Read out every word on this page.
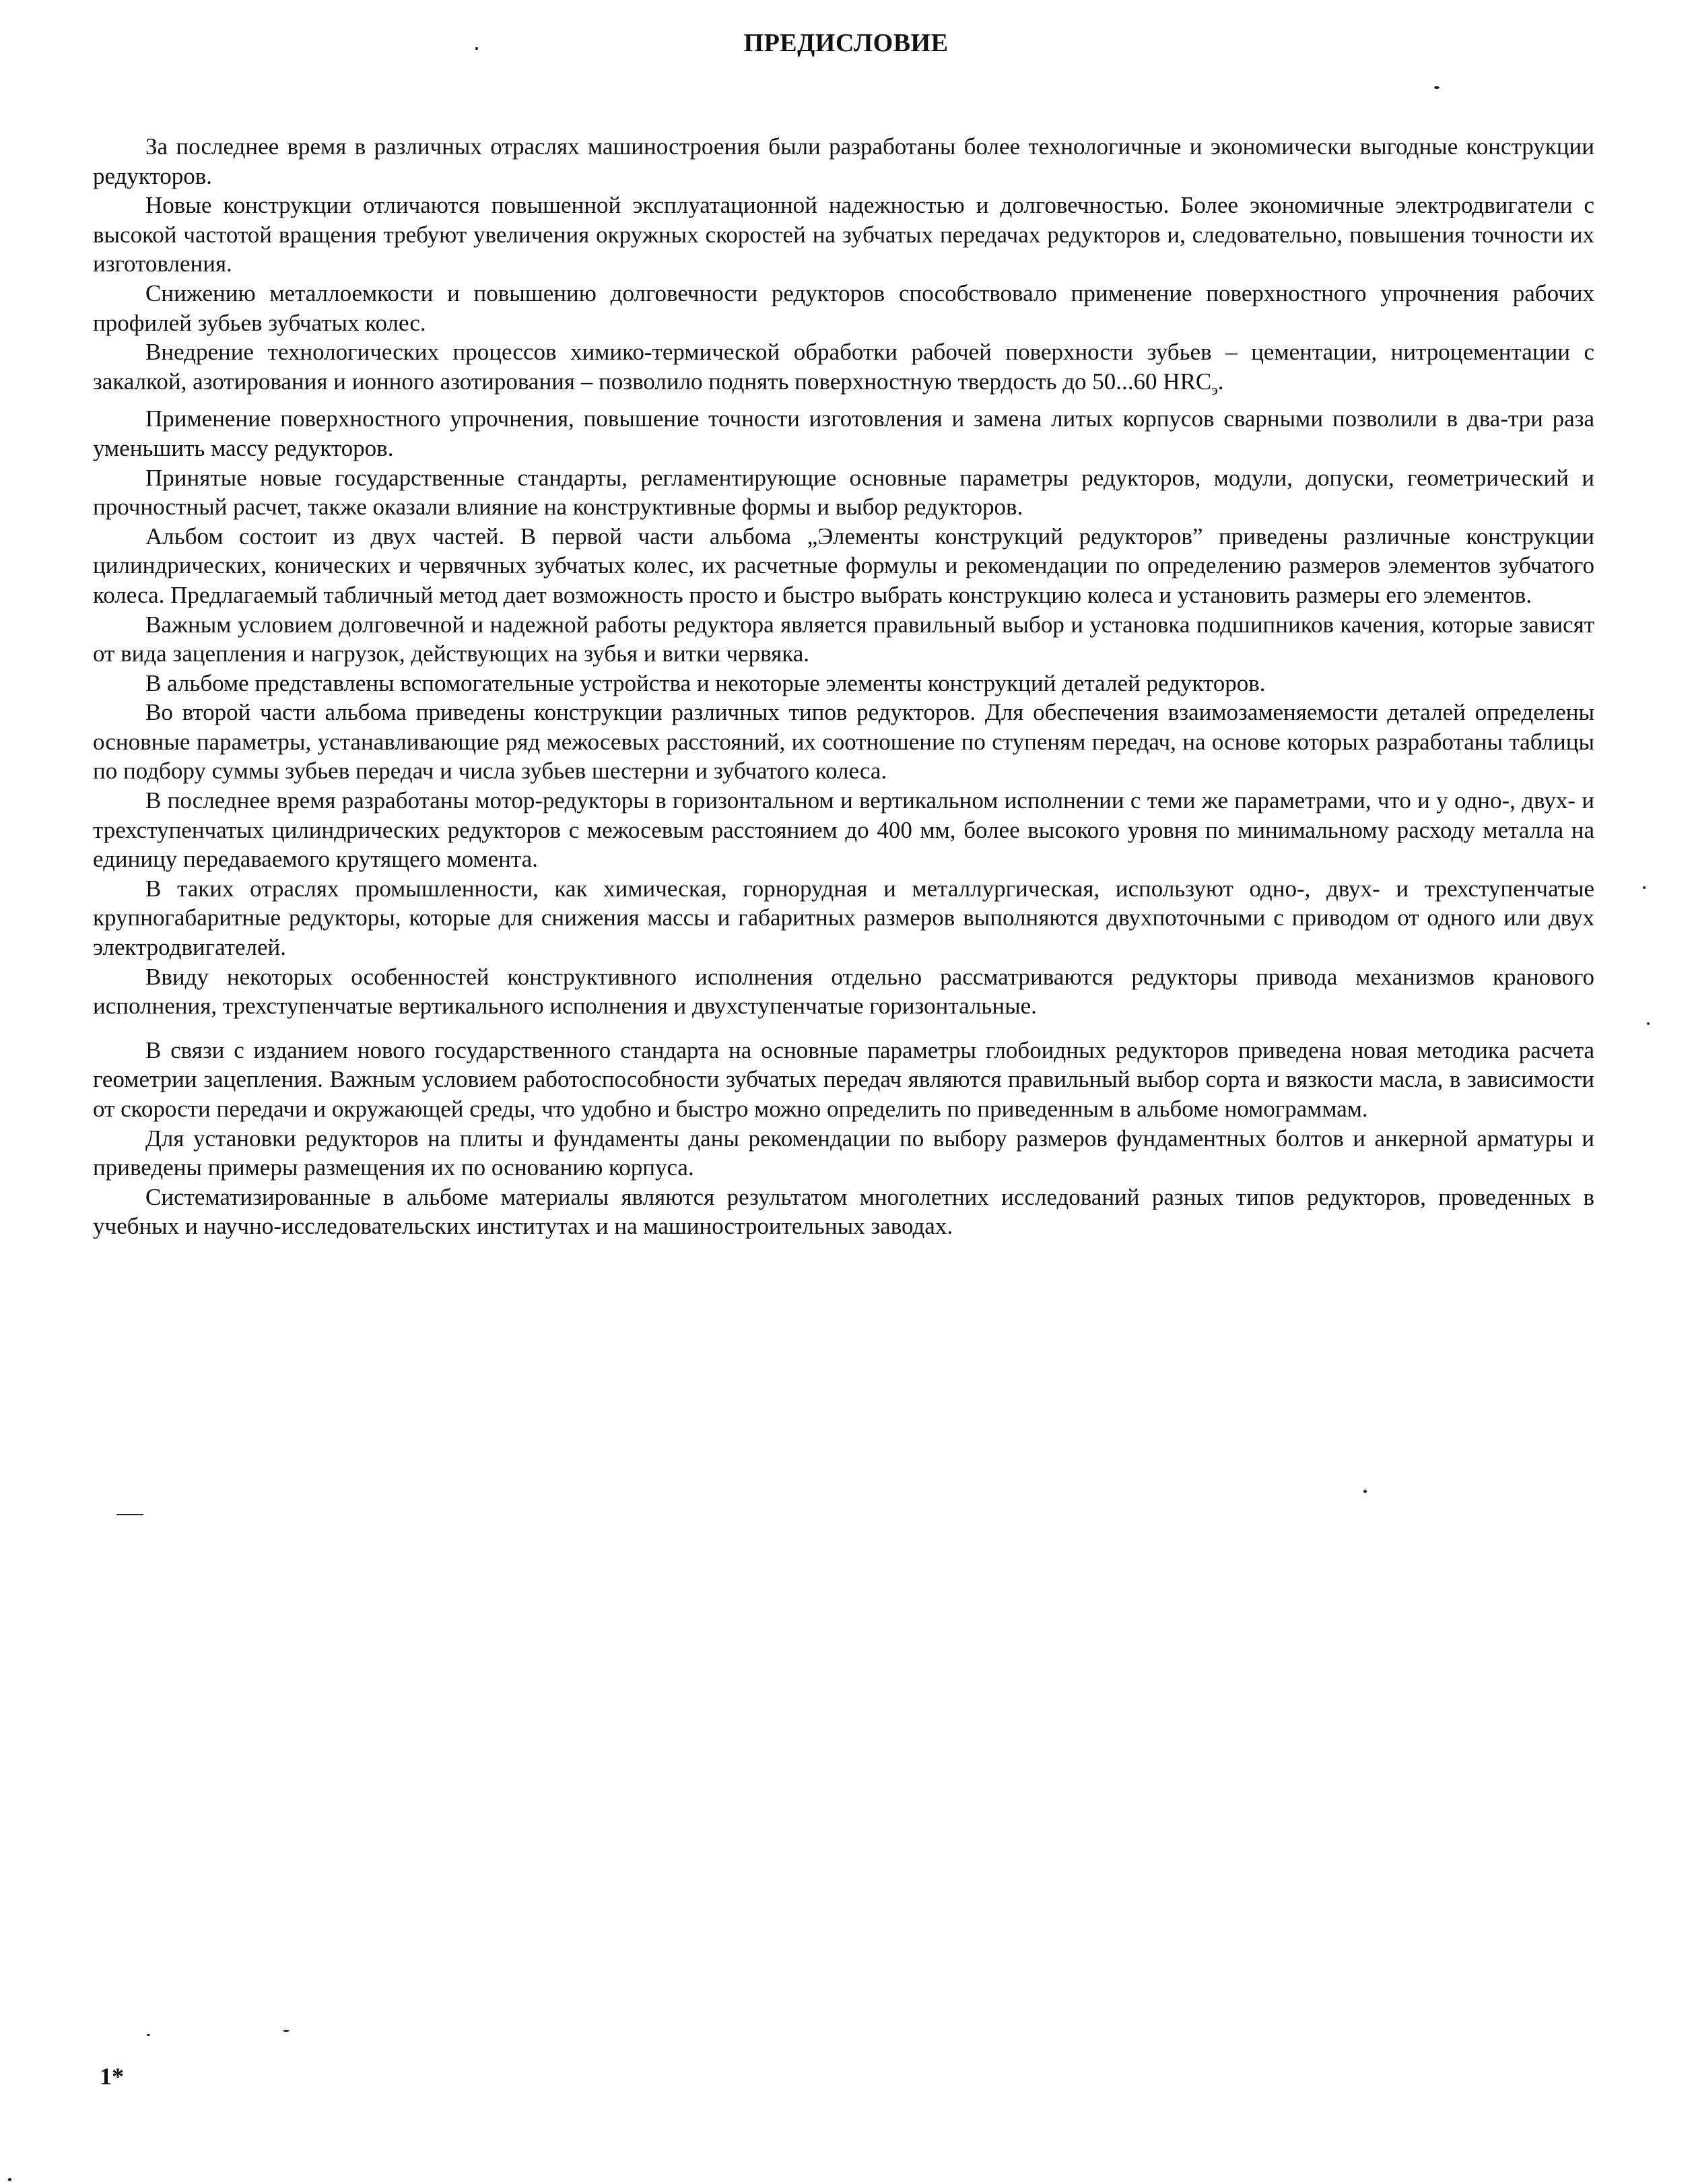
ПРЕДИСЛОВИЕ

За последнее время в различных отраслях машиностроения были разработаны более технологичные и экономически выгодные конструкции редукторов.

Новые конструкции отличаются повышенной эксплуатационной надежностью и долговечностью. Более экономичные электродвигатели с высокой частотой вращения требуют увеличения окружных скоростей на зубчатых передачах редукторов и, следовательно, повышения точности их изготовления.

Снижению металлоемкости и повышению долговечности редукторов способствовало применение поверхностного упрочнения рабочих профилей зубьев зубчатых колес.

Внедрение технологических процессов химико-термической обработки рабочей поверхности зубьев – цементации, нитроцементации с закалкой, азотирования и ионного азотирования – позволило поднять поверхностную твердость до 50...60 $HRC_э$.

Применение поверхностного упрочнения, повышение точности изготовления и замена литых корпусов сварными позволили в два-три раза уменьшить массу редукторов.

Принятые новые государственные стандарты, регламентирующие основные параметры редукторов, модули, допуски, геометрический и прочностный расчет, также оказали влияние на конструктивные формы и выбор редукторов.

Альбом состоит из двух частей. В первой части альбома „Элементы конструкций редукторов” приведены различные конструкции цилиндрических, конических и червячных зубчатых колес, их расчетные формулы и рекомендации по определению размеров элементов зубчатого колеса. Предлагаемый табличный метод дает возможность просто и быстро выбрать конструкцию колеса и установить размеры его элементов.

Важным условием долговечной и надежной работы редуктора является правильный выбор и установка подшипников качения, которые зависят от вида зацепления и нагрузок, действующих на зубья и витки червяка.

В альбоме представлены вспомогательные устройства и некоторые элементы конструкций деталей редукторов.

Во второй части альбома приведены конструкции различных типов редукторов. Для обеспечения взаимозаменяемости деталей определены основные параметры, устанавливающие ряд межосевых расстояний, их соотношение по ступеням передач, на основе которых разработаны таблицы по подбору суммы зубьев передач и числа зубьев шестерни и зубчатого колеса.

В последнее время разработаны мотор-редукторы в горизонтальном и вертикальном исполнении с теми же параметрами, что и у одно-, двух- и трехступенчатых цилиндрических редукторов с межосевым расстоянием до 400 мм, более высокого уровня по минимальному расходу металла на единицу передаваемого крутящего момента.

В таких отраслях промышленности, как химическая, горнорудная и металлургическая, используют одно-, двух- и трехступенчатые крупногабаритные редукторы, которые для снижения массы и габаритных размеров выполняются двухпоточными с приводом от одного или двух электродвигателей.

Ввиду некоторых особенностей конструктивного исполнения отдельно рассматриваются редукторы привода механизмов кранового исполнения, трехступенчатые вертикального исполнения и двухступенчатые горизонтальные.

В связи с изданием нового государственного стандарта на основные параметры глобоидных редукторов приведена новая методика расчета геометрии зацепления. Важным условием работоспособности зубчатых передач являются правильный выбор сорта и вязкости масла, в зависимости от скорости передачи и окружающей среды, что удобно и быстро можно определить по приведенным в альбоме номограммам.

Для установки редукторов на плиты и фундаменты даны рекомендации по выбору размеров фундаментных болтов и анкерной арматуры и приведены примеры размещения их по основанию корпуса.

Систематизированные в альбоме материалы являются результатом многолетних исследований разных типов редукторов, проведенных в учебных и научно-исследовательских институтах и на машиностроительных заводах.

1*
